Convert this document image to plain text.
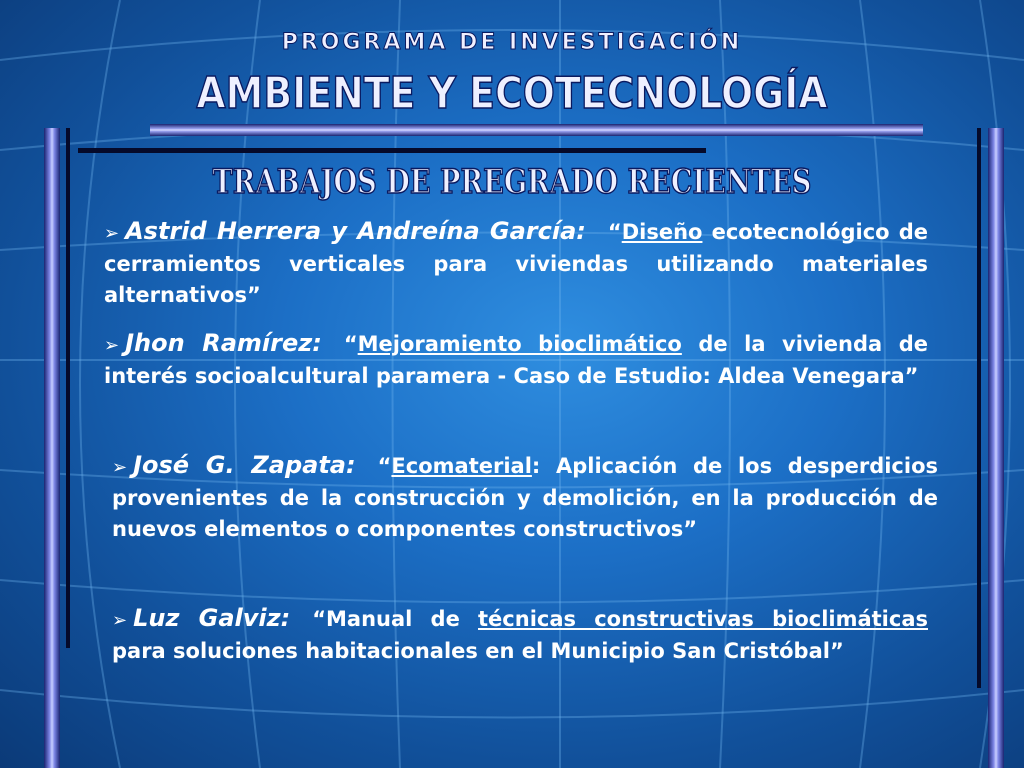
PROGRAMA DE INVESTIGACIÓN
AMBIENTE Y ECOTECNOLOGÍA
TRABAJOS DE PREGRADO RECIENTES
➢ Astrid Herrera y Andreína García: “Diseño ecotecnológico de cerramientos verticales para viviendas utilizando materiales alternativos”
➢ Jhon Ramírez: “Mejoramiento bioclimático de la vivienda de interés socioalcultural paramera - Caso de Estudio: Aldea Venegara”
➢ José G. Zapata: “Ecomaterial: Aplicación de los desperdicios provenientes de la construcción y demolición, en la producción de nuevos elementos o componentes constructivos”
➢ Luz Galviz: “Manual de técnicas constructivas bioclimáticas para soluciones habitacionales en el Municipio San Cristóbal”
